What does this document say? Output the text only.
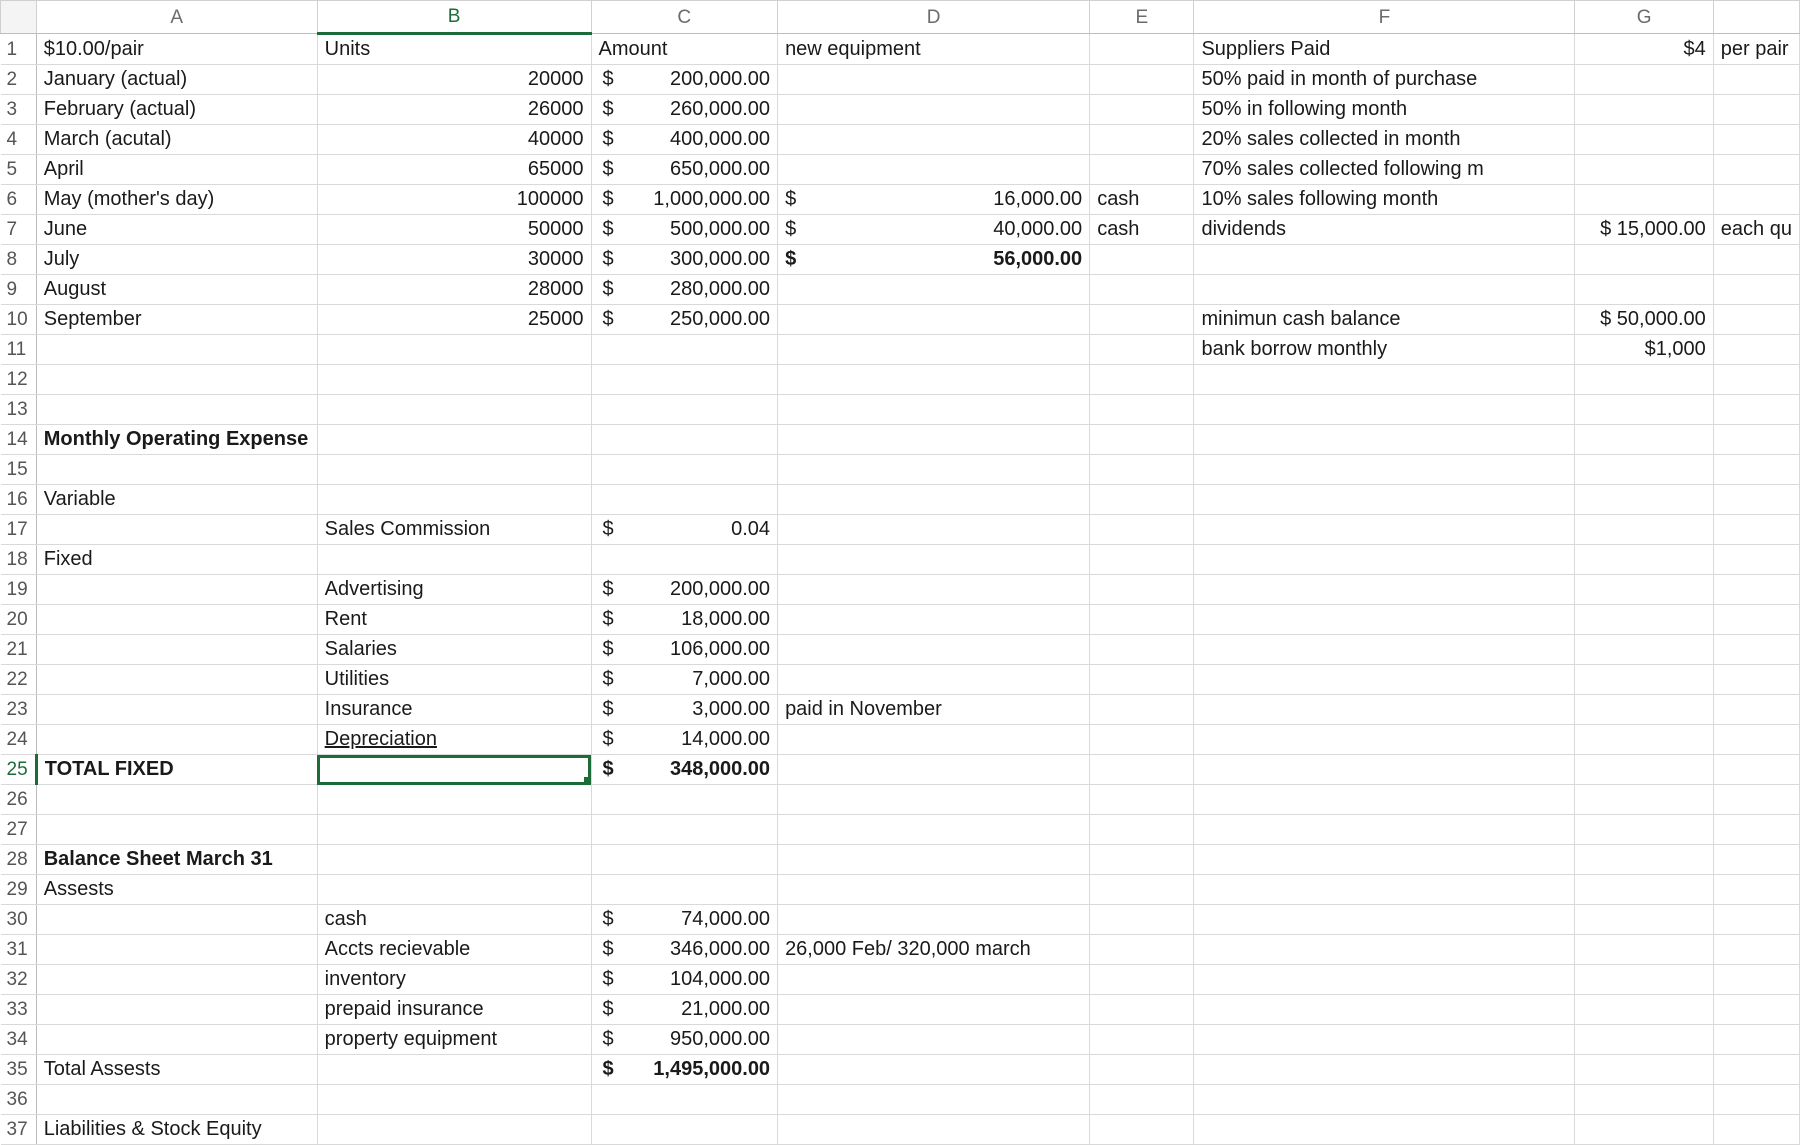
	A	B	C	D	E	F	G	
1	$10.00/pair	Units	Amount	new equipment		Suppliers Paid	$4	per pair
2	January (actual)	20000	$ 200,000.00			50% paid in month of purchase		
3	February (actual)	26000	$ 260,000.00			50% in following month		
4	March (acutal)	40000	$ 400,000.00			20% sales collected in month		
5	April	65000	$ 650,000.00			70% sales collected following m		
6	May (mother's day)	100000	$ 1,000,000.00	$ 16,000.00	cash	10% sales following month		
7	June	50000	$ 500,000.00	$ 40,000.00	cash	dividends	$ 15,000.00	each qu
8	July	30000	$ 300,000.00	$ 56,000.00				

9	August	28000	$ 280,000.00					

10	September	25000	$ 250,000.00			minimun cash balance	$ 50,000.00	
11						bank borrow monthly	$1,000	
12								
13								
14	Monthly Operating Expense							
15								
16	Variable							
17		Sales Commission	$ 0.04					

18	Fixed							
19		Advertising	$ 200,000.00					

20		Rent	$ 18,000.00					

21		Salaries	$ 106,000.00					

22		Utilities	$ 7,000.00					

23		Insurance	$ 3,000.00	paid in November				
24		Depreciation	$ 14,000.00					

25	TOTAL FIXED		$ 348,000.00					

26								
27								
28	Balance Sheet March 31							
29	Assests							
30		cash	$ 74,000.00					

31		Accts recievable	$ 346,000.00	26,000 Feb/ 320,000 march				
32		inventory	$ 104,000.00					

33		prepaid insurance	$ 21,000.00					

34		property equipment	$ 950,000.00					

35	Total Assests		$ 1,495,000.00					

36								
37	Liabilities & Stock Equity							
